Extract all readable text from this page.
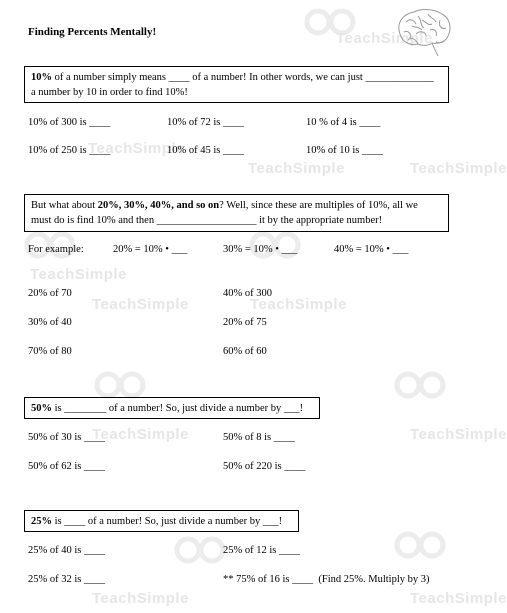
TeachSimple
TeachSimple
TeachSimple	TeachSimple
TeachSimple
TeachSimple	TeachSimple
TeachSimple	TeachSimple
TeachSimple	TeachSimple
Finding Percents Mentally!
10% of a number simply means ____ of a number! In other words, we can just _____________
a number by 10 in order to find 10%!
10% of 300 is ____	10% of 72 is ____	10 % of 4 is ____
10% of 250 is ____	10% of 45 is ____	10% of 10 is ____
But what about 20%, 30%, 40%, and so on? Well, since these are multiples of 10%, all we
must do is find 10% and then ___________________ it by the appropriate number!
For example:	20% = 10% • ___	30% = 10% • ___	40% = 10% • ___
20% of 70	40% of 300
30% of 40	20% of 75
70% of 80	60% of 60
50% is ________ of a number! So, just divide a number by ___!
50% of 30 is ____	50% of 8 is ____
50% of 62 is ____	50% of 220 is ____
25% is ____ of a number! So, just divide a number by ___!
25% of 40 is ____	25% of 12 is ____
25% of 32 is ____	** 75% of 16 is ____  (Find 25%. Multiply by 3)
